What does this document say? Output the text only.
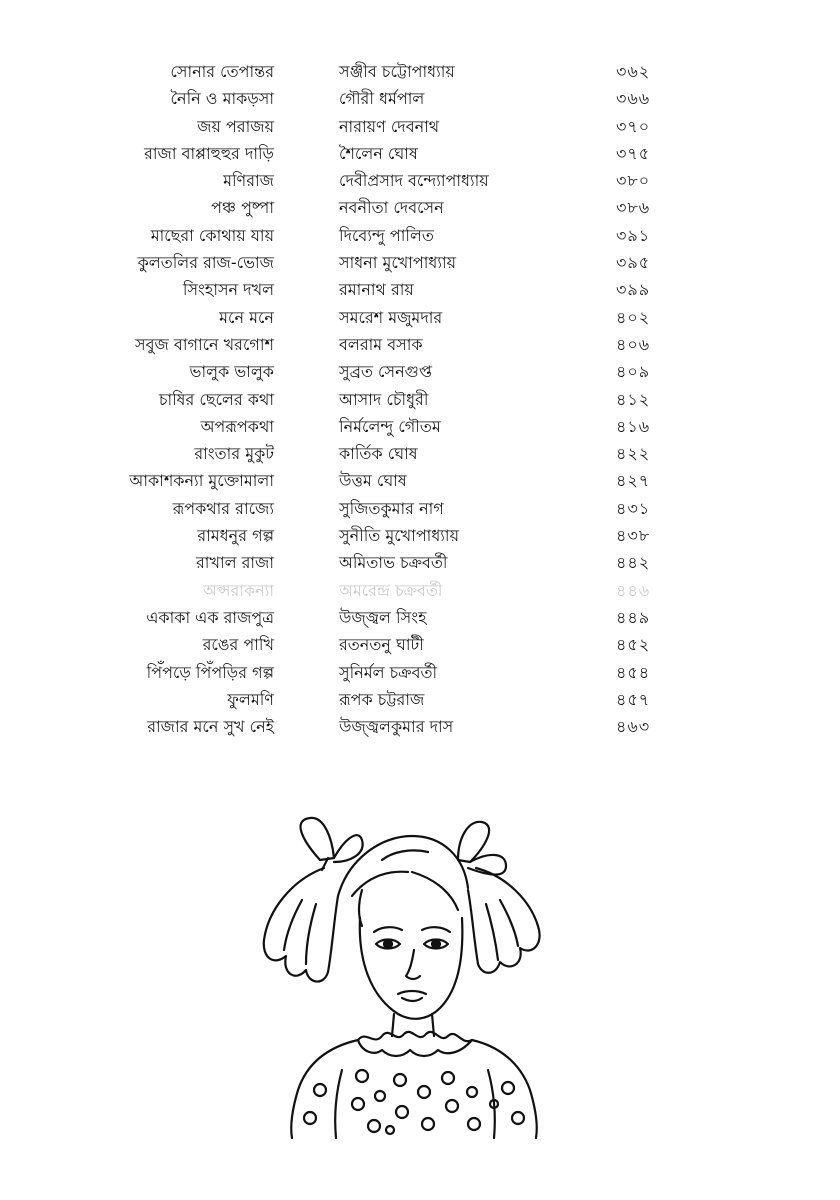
সোনার তেপান্তর	সঞ্জীব চট্টোপাধ্যায়	৩৬২
নৈনি ও মাকড়সা	গৌরী ধর্মপাল	৩৬৬
জয় পরাজয়	নারায়ণ দেবনাথ	৩৭০
রাজা বাপ্পাহুহুর দাড়ি	শৈলেন ঘোষ	৩৭৫
মণিরাজ	দেবীপ্রসাদ বন্দ্যোপাধ্যায়	৩৮০
পঞ্চ পুষ্পা	নবনীতা দেবসেন	৩৮৬
মাছেরা কোথায় যায়	দিব্যেন্দু পালিত	৩৯১
কুলতলির রাজ-ভোজ	সাধনা মুখোপাধ্যায়	৩৯৫
সিংহাসন দখল	রমানাথ রায়	৩৯৯
মনে মনে	সমরেশ মজুমদার	৪০২
সবুজ বাগানে খরগোশ	বলরাম বসাক	৪০৬
ভালুক ভালুক	সুব্রত সেনগুপ্ত	৪০৯
চাষির ছেলের কথা	আসাদ চৌধুরী	৪১২
অপরূপকথা	নির্মলেন্দু গৌতম	৪১৬
রাংতার মুকুট	কার্তিক ঘোষ	৪২২
আকাশকন্যা মুক্তোমালা	উত্তম ঘোষ	৪২৭
রূপকথার রাজ্যে	সুজিতকুমার নাগ	৪৩১
রামধনুর গল্প	সুনীতি মুখোপাধ্যায়	৪৩৮
রাখাল রাজা	অমিতাভ চক্রবর্তী	৪৪২
অপ্সরাকন্যা	অমরেন্দ্র চক্রবর্তী	৪৪৬
একাকা এক রাজপুত্র	উজ্জ্বল সিংহ	৪৪৯
রঙের পাখি	রতনতনু ঘাটী	৪৫২
পিঁপড়ে পিঁপড়ির গল্প	সুনির্মল চক্রবর্তী	৪৫৪
ফুলমণি	রূপক চট্টরাজ	৪৫৭
রাজার মনে সুখ নেই	উজ্জ্বলকুমার দাস	৪৬৩
